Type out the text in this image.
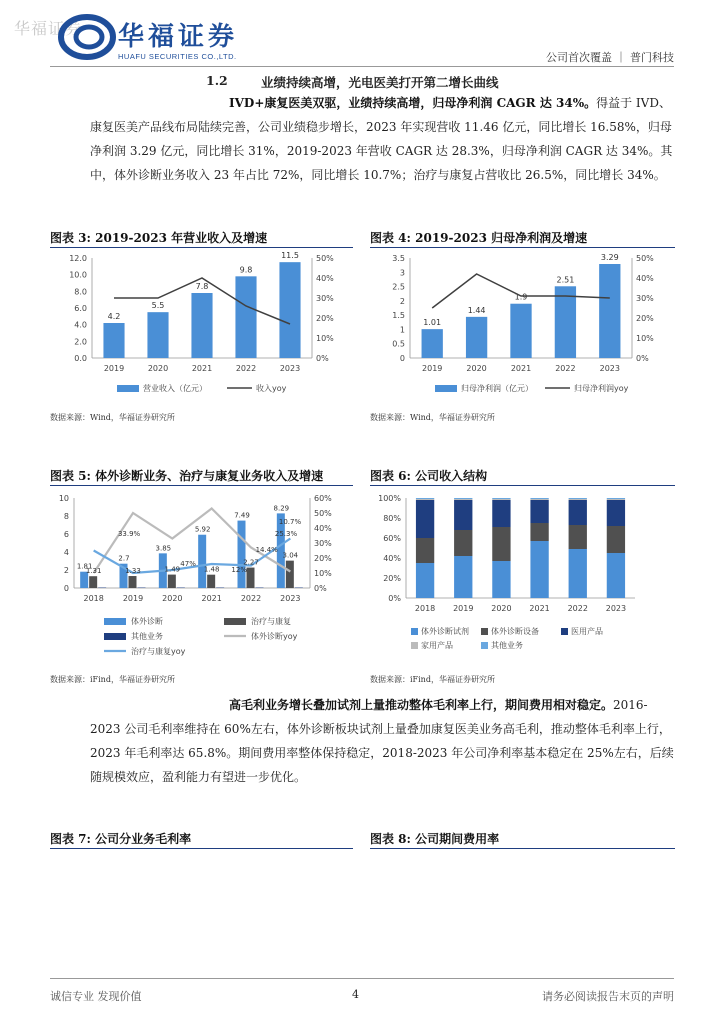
华福证券 华福证券
HUAFU SECURITIES CO.,LTD.	公司首次覆盖 ｜ 普门科技
1.2	业绩持续高增，光电医美打开第二增长曲线
IVD+康复医美双驱，业绩持续高增，归母净利润 CAGR 达 34%。得益于 IVD、康复医美产品线布局陆续完善，公司业绩稳步增长，2023 年实现营收 11.46 亿元，同比增长 16.58%，归母净利润 3.29 亿元，同比增长 31%，2019-2023 年营收 CAGR 达 28.3%，归母净利润 CAGR 达 34%。其中，体外诊断业务收入 23 年占比 72%，同比增长 10.7%；治疗与康复占营收比 26.5%，同比增长 34%。
图表 3: 2019-2023 年营业收入及增速
0.0
2.0
4.0
6.0
8.0
10.0
12.0
0%
10%
20%
30%
40%
50%
2019	2020	2021	2022	2023
4.2
5.5
7.8
9.8
11.5
营业收入（亿元）	收入yoy
数据来源：Wind，华福证券研究所
图表 4: 2019-2023 归母净利润及增速
0
0.5
1
1.5
2
2.5
3
3.5
0%
10%
20%
30%
40%
50%
2019	2020	2021	2022	2023
1.01
1.44
1.9
2.51
3.29
归母净利润（亿元）	归母净利润yoy
数据来源：Wind，华福证券研究所
图表 5: 体外诊断业务、治疗与康复业务收入及增速
0
2
4
6
8
10
0%
10%
20%
30%
40%
50%
60%
2018 2019 2020 2021 2022 2023
1.81
1.31
2.7
1.33
3.85
1.49
5.92
1.48
7.49
2.27
8.29
3.04
10.7%
33.9%
47%
12%
14.4%
25.3%
体外诊断	治疗与康复
其他业务	体外诊断yoy
治疗与康复yoy
数据来源：iFind，华福证券研究所
图表 6: 公司收入结构
0%
20%
40%
60%
80%
100%
2018 2019 2020 2021 2022 2023
体外诊断试剂	体外诊断设备	医用产品
家用产品	其他业务
数据来源：iFind，华福证券研究所
高毛利业务增长叠加试剂上量推动整体毛利率上行，期间费用相对稳定。2016-2023 公司毛利率维持在 60%左右，体外诊断板块试剂上量叠加康复医美业务高毛利，推动整体毛利率上行，2023 年毛利率达 65.8%。期间费用率整体保持稳定，2018-2023 年公司净利率基本稳定在 25%左右，后续随规模效应，盈利能力有望进一步优化。
图表 7: 公司分业务毛利率	图表 8: 公司期间费用率
诚信专业 发现价值	4	请务必阅读报告末页的声明
